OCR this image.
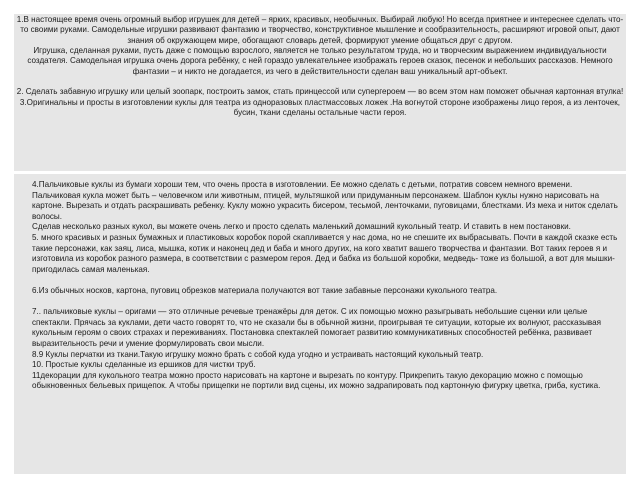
1.В настоящее время очень огромный выбор игрушек для детей – ярких, красивых, необычных. Выбирай любую! Но всегда приятнее и интереснее сделать что-то своими руками. Самодельные игрушки развивают фантазию и творчество, конструктивное мышление и сообразительность, расширяют игровой опыт, дают знания об окружающем мире, обогащают словарь детей, формируют умение общаться друг с другом.

Игрушка, сделанная руками, пусть даже с помощью взрослого, является не только результатом труда, но и творческим выражением индивидуальности создателя. Самодельная игрушка очень дорога ребёнку, с ней гораздо увлекательнее изображать героев сказок, песенок и небольших рассказов. Немного фантазии – и никто не догадается, из чего в действительности сделан ваш уникальный арт-объект.

2. Сделать забавную игрушку или целый зоопарк, построить замок, стать принцессой или супергероем — во всем этом нам поможет обычная картонная втулка!

3.Оригинальны и просты в изготовлении куклы для театра из одноразовых пластмассовых ложек .На вогнутой стороне изображены лицо героя, а из ленточек, бусин, ткани сделаны остальные части героя.

4.Пальчиковые куклы из бумаги хороши тем, что очень проста в изготовлении. Ее можно сделать с детьми, потратив совсем немного времени. Пальчиковая кукла может быть – человечком или животным, птицей, мультяшкой или придуманным персонажем. Шаблон куклы нужно нарисовать на картоне. Вырезать и отдать раскрашивать ребенку. Куклу можно украсить бисером, тесьмой, ленточками, пуговицами, блестками. Из меха и ниток сделать волосы.

Сделав несколько разных кукол, вы можете очень легко и просто сделать маленький домашний кукольный театр. И ставить в нем постановки.

5. много красивых и разных бумажных и пластиковых коробок порой скапливается у нас дома, но не спешите их выбрасывать. Почти в каждой сказке есть такие персонажи, как заяц, лиса, мышка, котик и наконец дед и баба и много других, на кого хватит вашего творчества и фантазии. Вот таких героев я и изготовила из коробок разного размера, в соответствии с размером героя. Дед и бабка из большой коробки, медведь- тоже из большой, а вот для мышки-пригодилась самая маленькая.

6.Из обычных носков, картона, пуговиц обрезков материала получаются вот такие забавные персонажи кукольного театра.

7.. пальчиковые куклы – оригами — это отличные речевые тренажёры для деток. С их помощью можно разыгрывать небольшие сценки или целые спектакли. Прячась за куклами, дети часто говорят то, что не сказали бы в обычной жизни, проигрывая те ситуации, которые их волнуют, рассказывая кукольным героям о своих страхах и переживаниях. Постановка спектаклей помогает развитию коммуникативных способностей ребёнка, развивает выразительность речи и умение формулировать свои мысли.

8.9 Куклы перчатки из ткани.Такую игрушку можно брать с собой куда угодно и устраивать настоящий кукольный театр.

10. Простые куклы сделанные из ершиков для чистки труб.

11декорации для кукольного театра можно просто нарисовать на картоне и вырезать по контуру. Прикрепить такую декорацию можно с помощью обыкновенных бельевых прищепок. А чтобы прищепки не портили вид сцены, их можно задрапировать под картонную фигурку цветка, гриба, кустика.
